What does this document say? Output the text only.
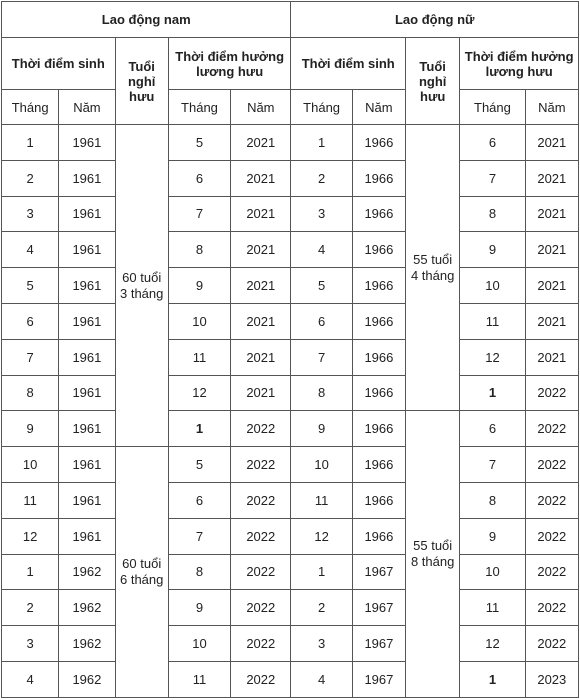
Lao động nam					Lao động nữ				
Thời điểm sinh		Tuổi nghỉ hưu	Thời điểm hưởng lương hưu		Thời điểm sinh		Tuổi nghỉ hưu	Thời điểm hưởng lương hưu	
Tháng	Năm		Tháng	Năm	Tháng	Năm		Tháng	Năm
1	1961	60 tuổi 3 tháng	5	2021	1	1966	55 tuổi 4 tháng	6	2021
2	1961		6	2021	2	1966		7	2021
3	1961		7	2021	3	1966		8	2021
4	1961		8	2021	4	1966		9	2021
5	1961		9	2021	5	1966		10	2021
6	1961		10	2021	6	1966		11	2021
7	1961		11	2021	7	1966		12	2021
8	1961		12	2021	8	1966		1	2022
9	1961		1	2022	9	1966	55 tuổi 8 tháng	6	2022
10	1961	60 tuổi 6 tháng	5	2022	10	1966		7	2022
11	1961		6	2022	11	1966		8	2022
12	1961		7	2022	12	1966		9	2022
1	1962		8	2022	1	1967		10	2022
2	1962		9	2022	2	1967		11	2022
3	1962		10	2022	3	1967		12	2022
4	1962		11	2022	4	1967		1	2023
